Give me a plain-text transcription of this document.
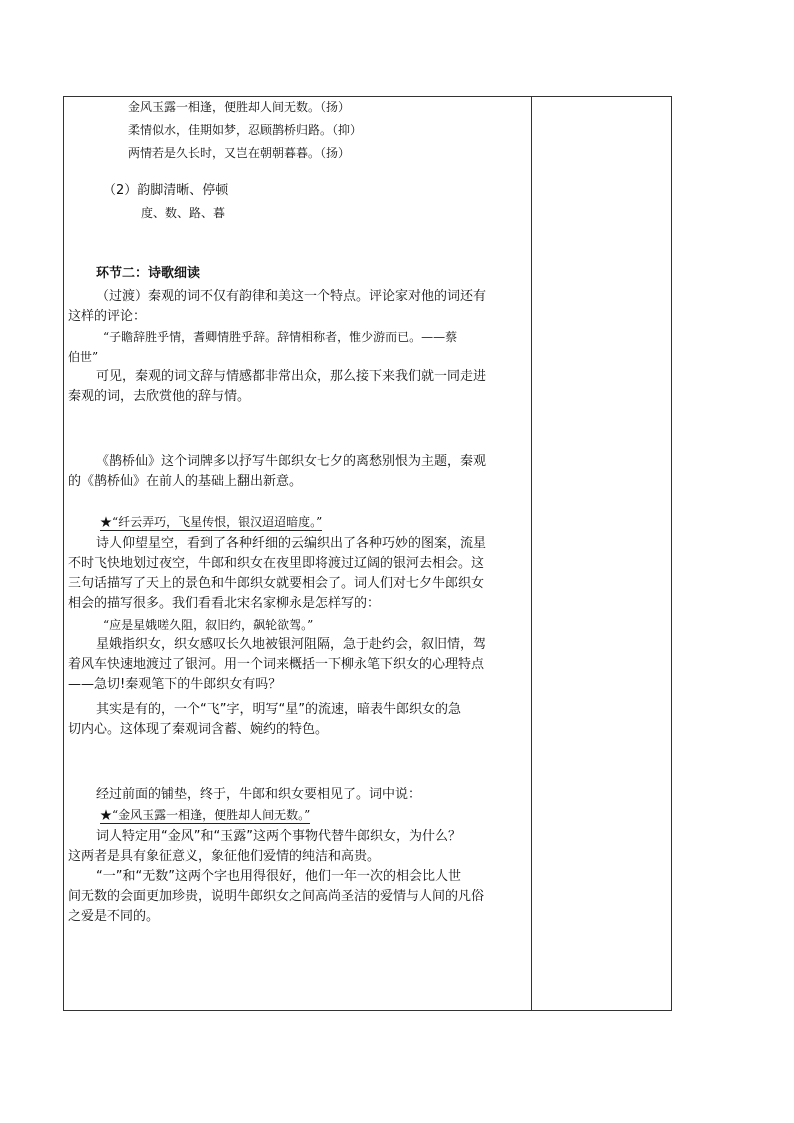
金风玉露一相逢，便胜却人间无数。（扬）
柔情似水，佳期如梦，忍顾鹊桥归路。（抑）
两情若是久长时，又岂在朝朝暮暮。（扬）
（2）韵脚清晰、停顿
度、数、路、暮
环节二：诗歌细读
（过渡）秦观的词不仅有韵律和美这一个特点。评论家对他的词还有
这样的评论：
“子瞻辞胜乎情，耆卿情胜乎辞。辞情相称者，惟少游而已。——蔡
伯世”
可见，秦观的词文辞与情感都非常出众，那么接下来我们就一同走进
秦观的词，去欣赏他的辞与情。
《鹊桥仙》这个词牌多以抒写牛郎织女七夕的离愁别恨为主题，秦观
的《鹊桥仙》在前人的基础上翻出新意。
★“纤云弄巧，飞星传恨，银汉迢迢暗度。”
诗人仰望星空，看到了各种纤细的云编织出了各种巧妙的图案，流星
不时飞快地划过夜空，牛郎和织女在夜里即将渡过辽阔的银河去相会。这
三句话描写了天上的景色和牛郎织女就要相会了。词人们对七夕牛郎织女
相会的描写很多。我们看看北宋名家柳永是怎样写的：
“应是星娥嗟久阻，叙旧约，飙轮欲驾。”
星娥指织女，织女感叹长久地被银河阻隔，急于赴约会，叙旧情，驾
着风车快速地渡过了银河。用一个词来概括一下柳永笔下织女的心理特点
——急切!秦观笔下的牛郎织女有吗？
其实是有的，一个“飞”字，明写“星”的流速，暗表牛郎织女的急
切内心。这体现了秦观词含蓄、婉约的特色。
经过前面的铺垫，终于，牛郎和织女要相见了。词中说：
★“金风玉露一相逢，便胜却人间无数。”
词人特定用“金风”和“玉露”这两个事物代替牛郎织女，为什么？
这两者是具有象征意义，象征他们爱情的纯洁和高贵。
“一”和“无数”这两个字也用得很好，他们一年一次的相会比人世
间无数的会面更加珍贵，说明牛郎织女之间高尚圣洁的爱情与人间的凡俗
之爱是不同的。
